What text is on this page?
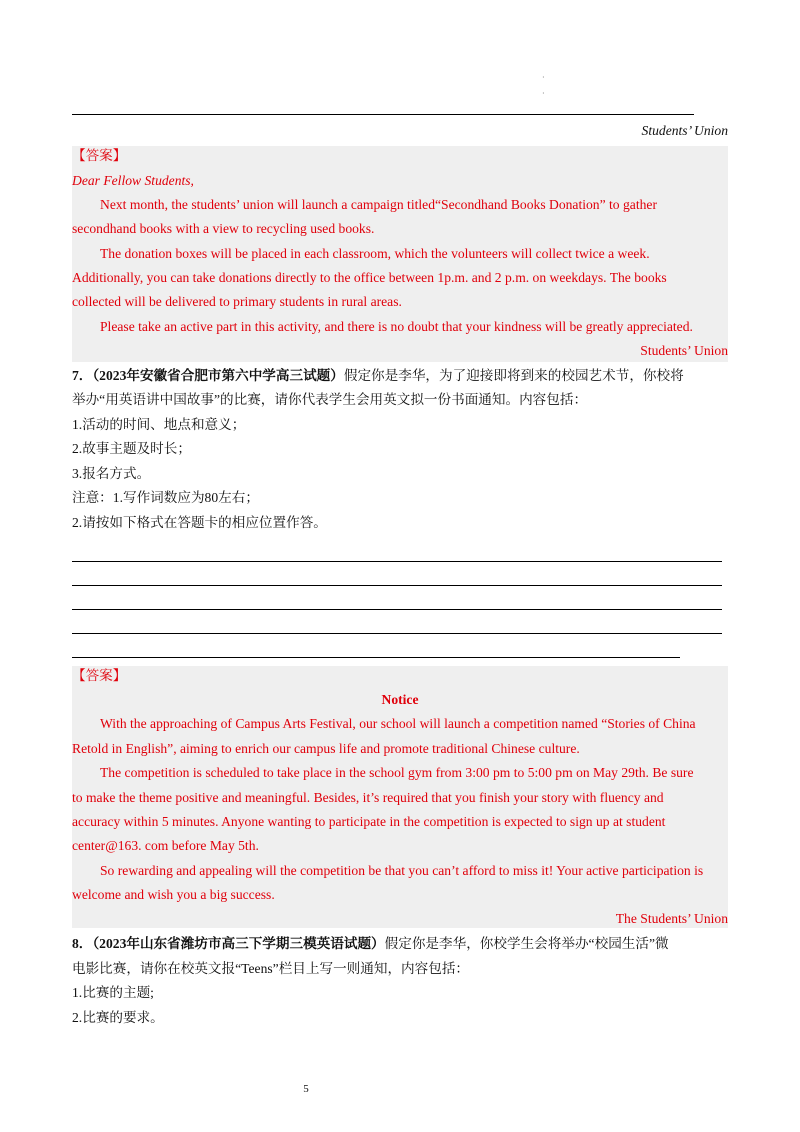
·
·
Students’ Union
【答案】
Dear Fellow Students,
Next month, the students’ union will launch a campaign titled“Secondhand Books Donation” to gather
secondhand books with a view to recycling used books.
The donation boxes will be placed in each classroom, which the volunteers will collect twice a week.
Additionally, you can take donations directly to the office between 1p.m. and 2 p.m. on weekdays. The books
collected will be delivered to primary students in rural areas.
Please take an active part in this activity, and there is no doubt that your kindness will be greatly appreciated.
Students’ Union
7．（2023年安徽省合肥市第六中学高三试题）假定你是李华，为了迎接即将到来的校园艺术节，你校将
举办“用英语讲中国故事”的比赛，请你代表学生会用英文拟一份书面通知。内容包括：
1.活动的时间、地点和意义；
2.故事主题及时长；
3.报名方式。
注意：1.写作词数应为80左右；
2.请按如下格式在答题卡的相应位置作答。
【答案】
Notice
With the approaching of Campus Arts Festival, our school will launch a competition named “Stories of China
Retold in English”, aiming to enrich our campus life and promote traditional Chinese culture.
The competition is scheduled to take place in the school gym from 3:00 pm to 5:00 pm on May 29th. Be sure
to make the theme positive and meaningful. Besides, it’s required that you finish your story with fluency and
accuracy within 5 minutes. Anyone wanting to participate in the competition is expected to sign up at student
center@163. com before May 5th.
So rewarding and appealing will the competition be that you can’t afford to miss it! Your active participation is
welcome and wish you a big success.
The Students’ Union
8．（2023年山东省潍坊市高三下学期三模英语试题）假定你是李华，你校学生会将举办“校园生活”微
电影比赛，请你在校英文报“Teens”栏目上写一则通知，内容包括：
1.比赛的主题;
2.比赛的要求。
5
